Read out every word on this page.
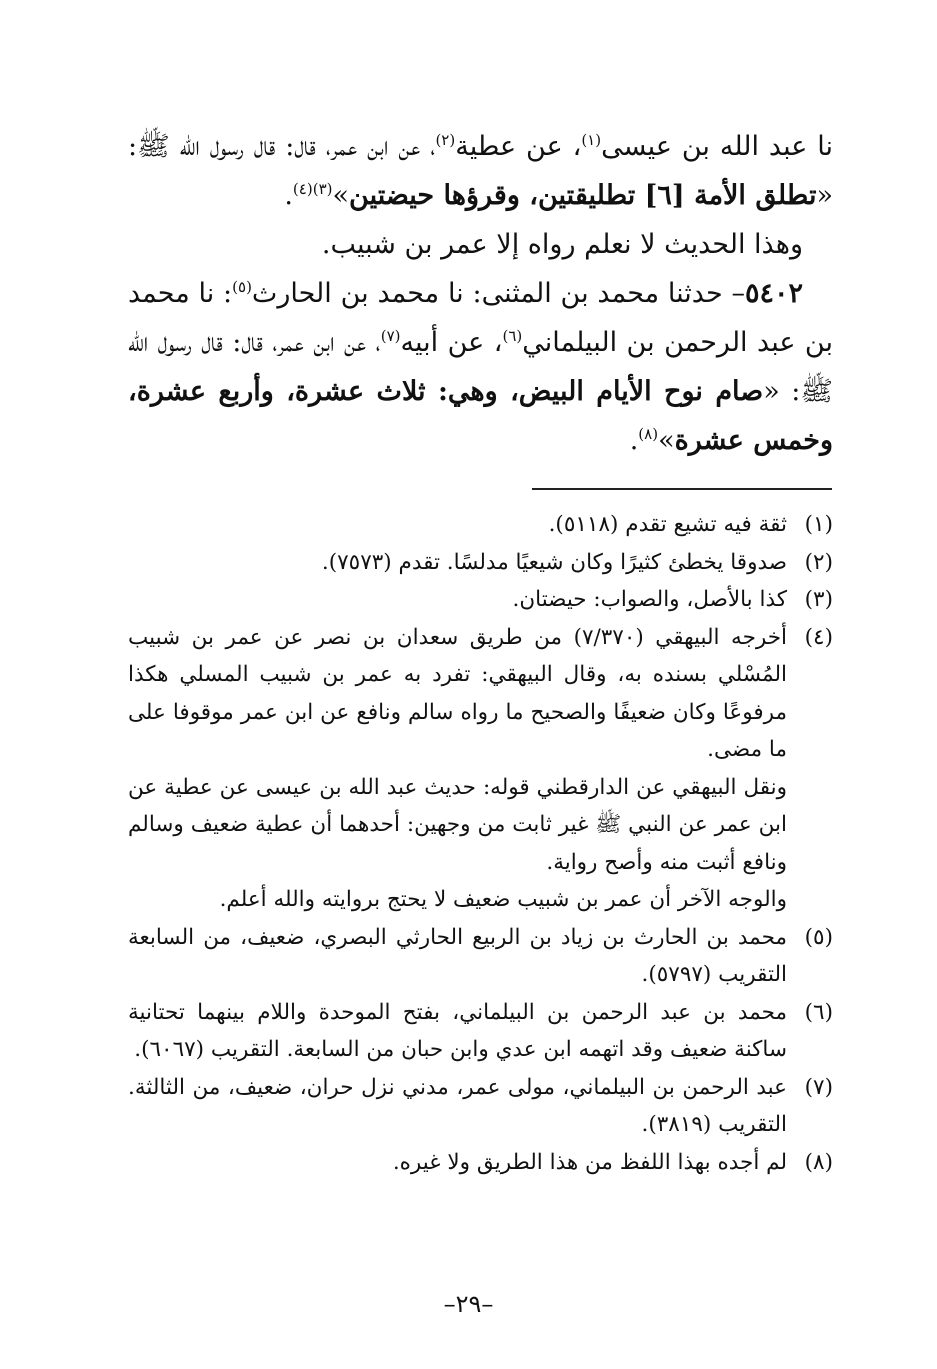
نا عبد الله بن عيسى$^{(١)}$، عن عطية$^{(٢)}$، عن ابن عمر، قال: قال رسول الله ﷺ: «تطلق الأمة [٦] تطليقتين، وقرؤها حيضتين»$^{(٣)(٤)}$.

وهذا الحديث لا نعلم رواه إلا عمر بن شبيب.

٥٤٠٢– حدثنا محمد بن المثنى: نا محمد بن الحارث$^{(٥)}$: نا محمد بن عبد الرحمن بن البيلماني$^{(٦)}$، عن أبيه$^{(٧)}$، عن ابن عمر، قال: قال رسول الله ﷺ: «صام نوح الأيام البيض، وهي: ثلاث عشرة، وأربع عشرة، وخمس عشرة»$^{(٨)}$.

(١)
ثقة فيه تشيع تقدم (٥١١٨).
(٢)
صدوقا يخطئ كثيرًا وكان شيعيًا مدلسًا. تقدم (٧٥٧٣).
(٣)
كذا بالأصل، والصواب: حيضتان.
(٤)
أخرجه البيهقي (٧/٣٧٠) من طريق سعدان بن نصر عن عمر بن شبيب المُسْلي بسنده به، وقال البيهقي: تفرد به عمر بن شبيب المسلي هكذا مرفوعًا وكان ضعيفًا والصحيح ما رواه سالم ونافع عن ابن عمر موقوفا على ما مضى.
ونقل البيهقي عن الدارقطني قوله: حديث عبد الله بن عيسى عن عطية عن ابن عمر عن النبي ﷺ غير ثابت من وجهين: أحدهما أن عطية ضعيف وسالم ونافع أثبت منه وأصح رواية.
والوجه الآخر أن عمر بن شبيب ضعيف لا يحتج بروايته والله أعلم.
(٥)
محمد بن الحارث بن زياد بن الربيع الحارثي البصري، ضعيف، من السابعة التقريب (٥٧٩٧).
(٦)
محمد بن عبد الرحمن بن البيلماني، بفتح الموحدة واللام بينهما تحتانية ساكنة ضعيف وقد اتهمه ابن عدي وابن حبان من السابعة. التقريب (٦٠٦٧).
(٧)
عبد الرحمن بن البيلماني، مولى عمر، مدني نزل حران، ضعيف، من الثالثة. التقريب (٣٨١٩).
(٨)
لم أجده بهذا اللفظ من هذا الطريق ولا غيره.
–٢٩–
